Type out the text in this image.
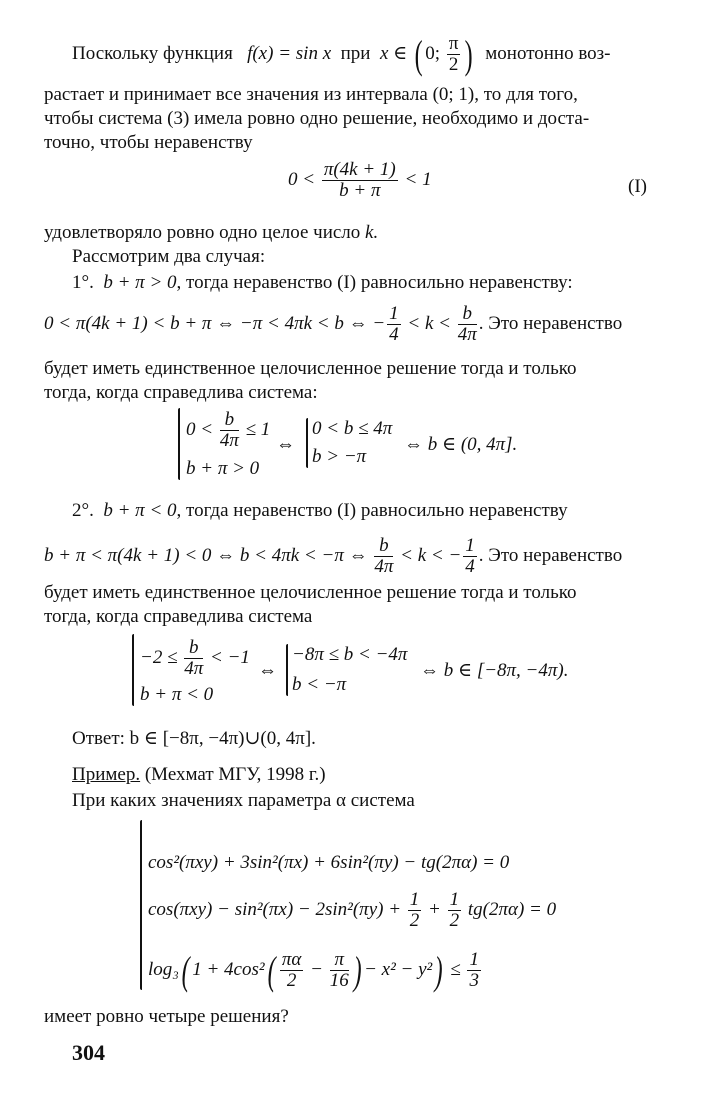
Поскольку функция f(x) = sin x при x ∈ ( 0; $\frac{\pi}{2}$ ) монотонно воз-
растает и принимает все значения из интервала (0; 1), то для того,
чтобы система (3) имела ровно одно решение, необходимо и доста-
точно, чтобы неравенству
$0 < \frac{\pi(4k + 1)}{b + \pi} < 1$	(I)
удовлетворяло ровно одно целое число k.
Рассмотрим два случая:
1°. b + π > 0, тогда неравенство (I) равносильно неравенству:
0 < π(4k + 1) < b + π ⇔ −π < 4πk < b ⇔ − $\frac{1}{4} < k < \frac{b}{4\pi}$ . Это неравенство
будет иметь единственное целочисленное решение тогда и только
тогда, когда справедлива система:
$0 < \frac{b}{4\pi} \le 1$
b + π > 0
⇔
0 < b ≤ 4π
b > −π
⇔ b ∈ (0, 4π].
2°. b + π < 0, тогда неравенство (I) равносильно неравенству
b + π < π(4k + 1) < 0 ⇔ b < 4πk < −π ⇔ $\frac{b}{4\pi} < k$ < − $\frac{1}{4}$ . Это неравенство
будет иметь единственное целочисленное решение тогда и только
тогда, когда справедлива система
$-2 \le \frac{b}{4\pi} < -1$
b + π < 0
⇔
−8π ≤ b < −4π
b < −π
⇔ b ∈ [−8π, −4π).
Ответ: b ∈ [−8π, −4π)∪(0, 4π].
Пример. (Мехмат МГУ, 1998 г.)
При каких значениях параметра α система
cos²(πxy) + 3sin²(πx) + 6sin²(πy) − tg(2πα) = 0
$\cos(\pi xy) - \sin^2(\pi x) - 2\sin^2(\pi y) + \frac{1}{2} + \frac{1}{2} tg(2\pi\alpha) = 0$
log₃( $1 + 4\cos^2( \frac{\pi\alpha}{2} - \frac{\pi}{16}$ ) − $x^2 - y^2) \le \frac{1}{3}$
имеет ровно четыре решения?
304
